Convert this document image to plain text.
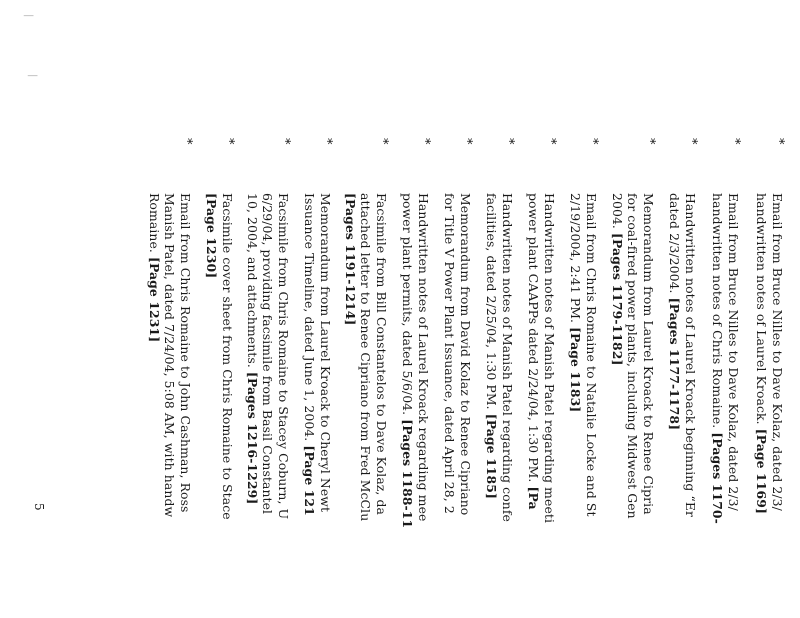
*
Email from Bruce Nilles to Dave Kolaz, dated 2/3/
handwritten notes of Laurel Kroack. [Page 1169]
*
Email from Bruce Nilles to Dave Kolaz, dated 2/3/
handwritten notes of Chris Romaine. [Pages 1170-
*
Handwritten notes of Laurel Kroack beginning “Er
dated 2/3/2004. [Pages 1177-1178]
*
Memorandum from Laurel Kroack to Renee Cipria
for coal-fired power plants, including Midwest Gen
2004. [Pages 1179-1182]
*
Email from Chris Romaine to Natalie Locke and St
2/19/2004, 2:41 PM. [Page 1183]
*
Handwritten notes of Manish Patel regarding meeti
power plant CAAPPs dated 2/24/04, 1:30 PM. [Pa
*
Handwritten notes of Manish Patel regarding confe
facilities, dated 2/25/04, 1:30 PM. [Page 1185]
*
Memorandum from David Kolaz to Renee Cipriano
for Title V Power Plant Issuance, dated April 28, 2
*
Handwritten notes of Laurel Kroack regarding mee
power plant permits, dated 5/6/04. [Pages 1188-11
*
Facsimile from Bill Constantelos to Dave Kolaz, da
attached letter to Renee Cipriano from Fred McClu
[Pages 1191-1214]
*
Memorandum from Laurel Kroack to Cheryl Newt
Issuance Timeline, dated June 1, 2004. [Page 121
*
Facsimile from Chris Romaine to Stacey Coburn, U
6/29/04, providing facsimile from Basil Constantel
10, 2004, and attachments. [Pages 1216-1229]
*
Facsimile cover sheet from Chris Romaine to Stace
[Page 1230]
*
Email from Chris Romaine to John Cashman, Ross
Manish Patel, dated 7/24/04, 5:08 AM, with handw
Romaine. [Page 1231]
5
|
|
